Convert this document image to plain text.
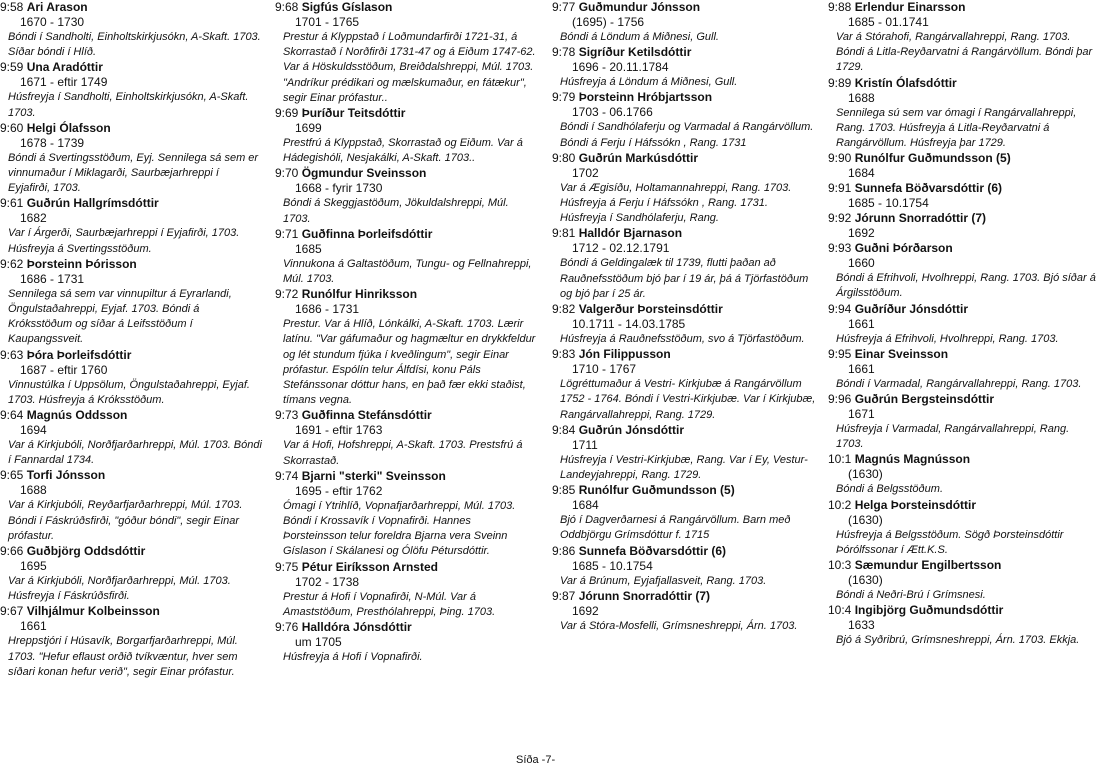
9:58 Ari Arason
1670 - 1730
Bóndi í Sandholti, Einholtskirkjusókn, A-Skaft. 1703. Síðar bóndi í Hlíð.
9:59 Una Aradóttir
1671 - eftir 1749
Húsfreyja í Sandholti, Einholtskirkjusókn, A-Skaft. 1703.
9:60 Helgi Ólafsson
1678 - 1739
Bóndi á Svertingsstöðum, Eyj. Sennilega sá sem er vinnumaður í Miklagarði, Saurbæjarhreppi í Eyjafirði, 1703.
9:61 Guðrún Hallgrímsdóttir
1682
Var í Árgerði, Saurbæjarhreppi í Eyjafirði, 1703. Húsfreyja á Svertingsstöðum.
9:62 Þorsteinn Þórisson
1686 - 1731
Sennilega sá sem var vinnupiltur á Eyrarlandi, Öngulstaðahreppi, Eyjaf. 1703. Bóndi á Króksstöðum og síðar á Leifsstöðum í Kaupangssveit.
9:63 Þóra Þorleifsdóttir
1687 - eftir 1760
Vinnustúlka í Uppsölum, Öngulstaðahreppi, Eyjaf. 1703. Húsfreyja á Króksstöðum.
9:64 Magnús Oddsson
1694
Var á Kirkjubóli, Norðfjarðarhreppi, Múl. 1703. Bóndi í Fannardal 1734.
9:65 Torfi Jónsson
1688
Var á Kirkjubóli, Reyðarfjarðarhreppi, Múl. 1703. Bóndi í Fáskrúðsfirði, "góður bóndi", segir Einar prófastur.
9:66 Guðbjörg Oddsdóttir
1695
Var á Kirkjubóli, Norðfjarðarhreppi, Múl. 1703. Húsfreyja í Fáskrúðsfirði.
9:67 Vilhjálmur Kolbeinsson
1661
Hreppstjóri í Húsavík, Borgarfjarðarhreppi, Múl. 1703. "Hefur eflaust orðið tvíkvæntur, hver sem síðari konan hefur verið", segir Einar prófastur.
9:68 Sigfús Gíslason
1701 - 1765
Prestur á Klyppstað í Loðmundarfirði 1721-31, á Skorrastað í Norðfirði 1731-47 og á Eiðum 1747-62. Var á Höskuldsstöðum, Breiðdalshreppi, Múl. 1703. "Andríkur prédikari og mælskumaður, en fátækur", segir Einar prófastur..
9:69 Þuríður Teitsdóttir
1699
Prestfrú á Klyppstað, Skorrastað og Eiðum. Var á Hádegishóli, Nesjakálki, A-Skaft. 1703..
9:70 Ögmundur Sveinsson
1668 - fyrir 1730
Bóndi á Skeggjastöðum, Jökuldalshreppi, Múl. 1703.
9:71 Guðfinna Þorleifsdóttir
1685
Vinnukona á Galtastöðum, Tungu- og Fellnahreppi, Múl. 1703.
9:72 Runólfur Hinriksson
1686 - 1731
Prestur. Var á Hlíð, Lónkálki, A-Skaft. 1703. Lærir latínu. "Var gáfumaður og hagmæltur en drykkfeldur og lét stundum fjúka í kveðlingum", segir Einar prófastur. Espólín telur Álfdísi, konu Páls Stefánssonar dóttur hans, en það fær ekki staðist, tímans vegna.
9:73 Guðfinna Stefánsdóttir
1691 - eftir 1763
Var á Hofi, Hofshreppi, A-Skaft. 1703. Prestsfrú á Skorrastað.
9:74 Bjarni "sterki" Sveinsson
1695 - eftir 1762
Ómagi í Ytrihlíð, Vopnafjarðarhreppi, Múl. 1703. Bóndi í Krossavík í Vopnafirði. Hannes Þorsteinsson telur foreldra Bjarna vera Sveinn Gíslason í Skálanesi og Ólöfu Pétursdóttir.
9:75 Pétur Eiríksson Arnsted
1702 - 1738
Prestur á Hofi í Vopnafirði, N-Múl. Var á Amaststöðum, Presthólahreppi, Þing. 1703.
9:76 Halldóra Jónsdóttir
um 1705
Húsfreyja á Hofi í Vopnafirði.
9:77 Guðmundur Jónsson
(1695) - 1756
Bóndi á Löndum á Miðnesi, Gull.
9:78 Sigríður Ketilsdóttir
1696 - 20.11.1784
Húsfreyja á Löndum á Miðnesi, Gull.
9:79 Þorsteinn Hróbjartsson
1703 - 06.1766
Bóndi í Sandhólaferju og Varmadal á Rangárvöllum. Bóndi á Ferju í Háfssókn , Rang. 1731
9:80 Guðrún Markúsdóttir
1702
Var á Ægisíðu, Holtamannahreppi, Rang. 1703. Húsfreyja á Ferju í Háfssókn , Rang. 1731. Húsfreyja í Sandhólaferju, Rang.
9:81 Halldór Bjarnason
1712 - 02.12.1791
Bóndi á Geldingalæk til 1739, flutti þaðan að Rauðnefsstöðum bjó þar í 19 ár, þá á Tjörfastöðum og bjó þar í 25 ár.
9:82 Valgerður Þorsteinsdóttir
10.1711 - 14.03.1785
Húsfreyja á Rauðnefsstöðum, svo á Tjörfastöðum.
9:83 Jón Filippusson
1710 - 1767
Lögréttumaður á Vestri- Kirkjubæ á Rangárvöllum 1752 - 1764. Bóndi í Vestri-Kirkjubæ. Var í Kirkjubæ, Rangárvallahreppi, Rang. 1729.
9:84 Guðrún Jónsdóttir
1711
Húsfreyja í Vestri-Kirkjubæ, Rang. Var í Ey, Vestur-Landeyjahreppi, Rang. 1729.
9:85 Runólfur Guðmundsson (5)
1684
Bjó í Dagverðarnesi á Rangárvöllum. Barn með Oddbjörgu Grímsdóttur f. 1715
9:86 Sunnefa Böðvarsdóttir (6)
1685 - 10.1754
Var á Brúnum, Eyjafjallasveit, Rang. 1703.
9:87 Jórunn Snorradóttir (7)
1692
Var á Stóra-Mosfelli, Grímsneshreppi, Árn. 1703.
9:88 Erlendur Einarsson
1685 - 01.1741
Var á Stórahofi, Rangárvallahreppi, Rang. 1703. Bóndi á Litla-Reyðarvatni á Rangárvöllum. Bóndi þar 1729.
9:89 Kristín Ólafsdóttir
1688
Sennilega sú sem var ómagi í Rangárvallahreppi, Rang. 1703. Húsfreyja á Litla-Reyðarvatni á Rangárvöllum. Húsfreyja þar 1729.
9:90 Runólfur Guðmundsson (5)
1684
9:91 Sunnefa Böðvarsdóttir (6)
1685 - 10.1754
9:92 Jórunn Snorradóttir (7)
1692
9:93 Guðni Þórðarson
1660
Bóndi á Efrihvoli, Hvolhreppi, Rang. 1703. Bjó síðar á Árgilsstöðum.
9:94 Guðríður Jónsdóttir
1661
Húsfreyja á Efrihvoli, Hvolhreppi, Rang. 1703.
9:95 Einar Sveinsson
1661
Bóndi í Varmadal, Rangárvallahreppi, Rang. 1703.
9:96 Guðrún Bergsteinsdóttir
1671
Húsfreyja í Varmadal, Rangárvallahreppi, Rang. 1703.
10:1 Magnús Magnússon
(1630)
Bóndi á Belgsstöðum.
10:2 Helga Þorsteinsdóttir
(1630)
Húsfreyja á Belgsstöðum. Sögð Þorsteinsdóttir Þórólfssonar í Ætt.K.S.
10:3 Sæmundur Engilbertsson
(1630)
Bóndi á Neðri-Brú í Grímsnesi.
10:4 Ingibjörg Guðmundsdóttir
1633
Bjó á Syðribrú, Grímsneshreppi, Árn. 1703. Ekkja.
Síða -7-
